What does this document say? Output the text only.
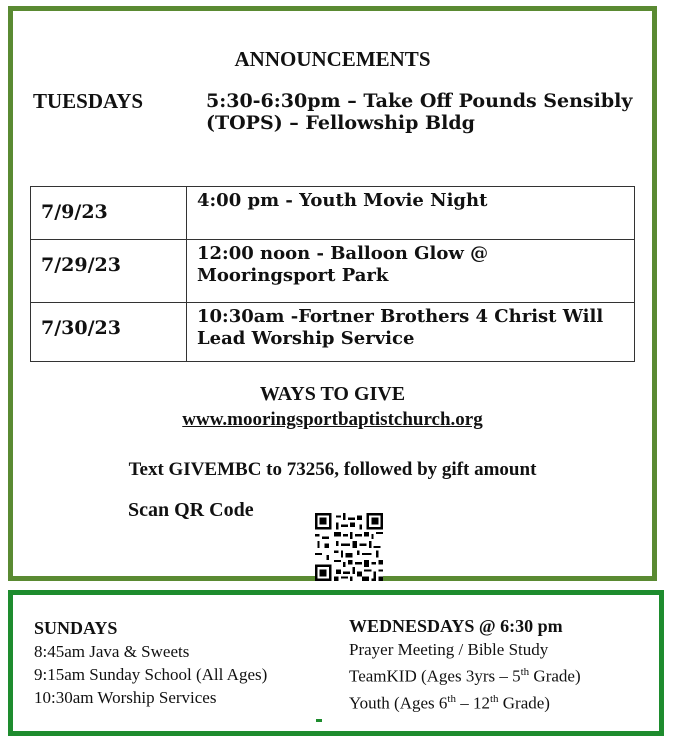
ANNOUNCEMENTS
TUESDAYS	5:30-6:30pm – Take Off Pounds Sensibly (TOPS) – Fellowship Bldg
7/9/23	4:00 pm - Youth Movie Night
7/29/23	12:00 noon - Balloon Glow @ Mooringsport Park
7/30/23	10:30am -Fortner Brothers 4 Christ Will Lead Worship Service
WAYS TO GIVE
www.mooringsportbaptistchurch.org
Text GIVEMBC to 73256, followed by gift amount
Scan QR Code
SUNDAYS
8:45am Java & Sweets
9:15am Sunday School (All Ages)
10:30am Worship Services
WEDNESDAYS @ 6:30 pm
Prayer Meeting / Bible Study
TeamKID (Ages 3yrs – 5th Grade)
Youth (Ages 6th – 12th Grade)
